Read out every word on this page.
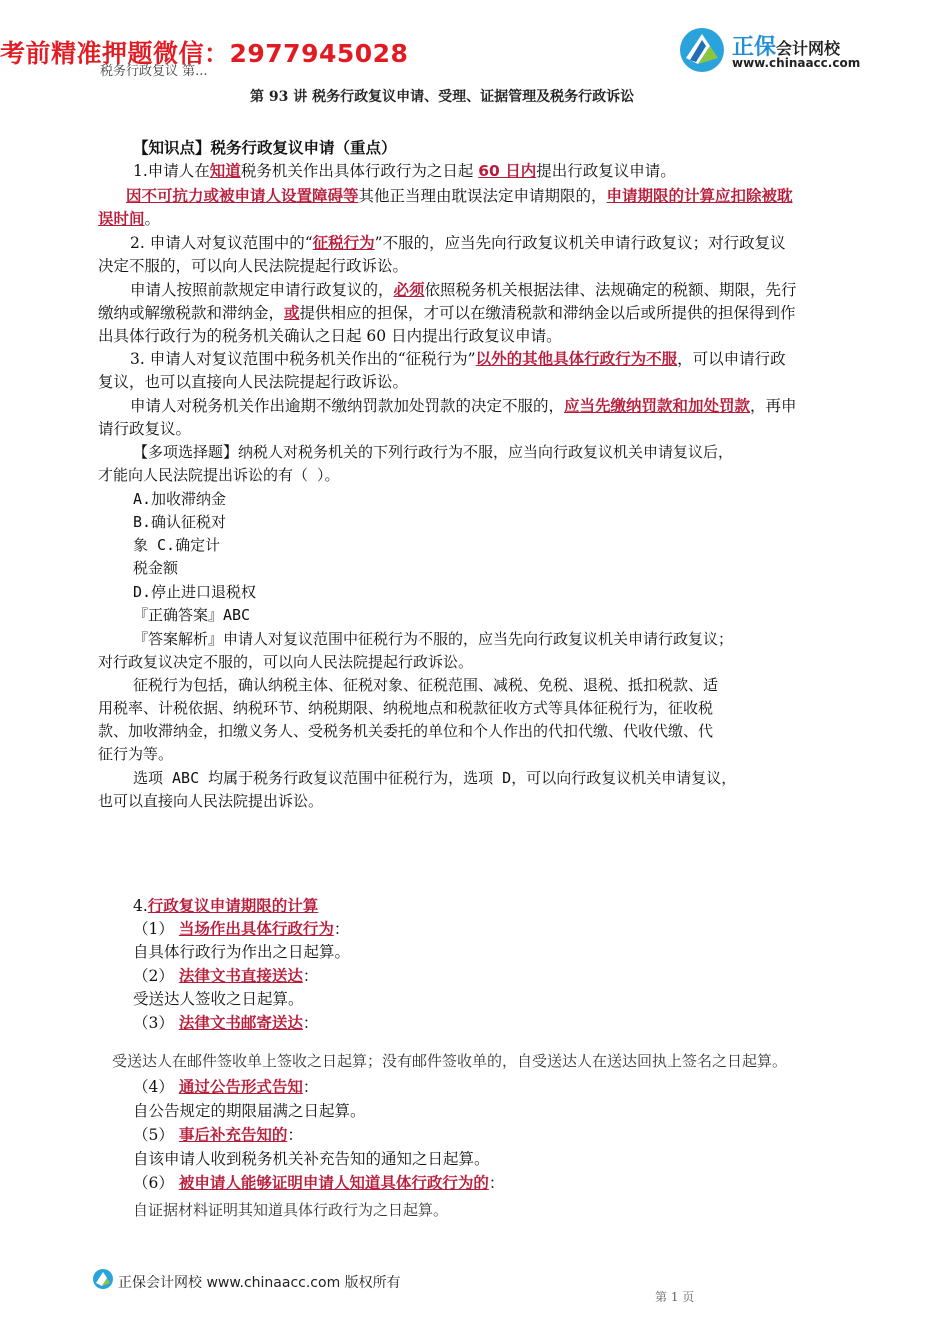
考前精准押题微信：2977945028	正保会计网校
www.chinaacc.com
税务行政复议 第...
第 93 讲 税务行政复议申请、受理、证据管理及税务行政诉讼
【知识点】税务行政复议申请（重点）
1.申请人在知道税务机关作出具体行政行为之日起 60 日内提出行政复议申请。
因不可抗力或被申请人设置障碍等其他正当理由耽误法定申请期限的，申请期限的计算应扣除被耽
误时间。
2. 申请人对复议范围中的“征税行为”不服的，应当先向行政复议机关申请行政复议；对行政复议
决定不服的，可以向人民法院提起行政诉讼。
申请人按照前款规定申请行政复议的，必须依照税务机关根据法律、法规确定的税额、期限，先行
缴纳或解缴税款和滞纳金，或提供相应的担保，才可以在缴清税款和滞纳金以后或所提供的担保得到作
出具体行政行为的税务机关确认之日起 60 日内提出行政复议申请。
3. 申请人对复议范围中税务机关作出的“征税行为”以外的其他具体行政行为不服，可以申请行政
复议，也可以直接向人民法院提起行政诉讼。
申请人对税务机关作出逾期不缴纳罚款加处罚款的决定不服的，应当先缴纳罚款和加处罚款，再申
请行政复议。
【多项选择题】纳税人对税务机关的下列行政行为不服，应当向行政复议机关申请复议后，
才能向人民法院提出诉讼的有（ ）。
A.加收滞纳金
B.确认征税对
象 C.确定计
税金额
D.停止进口退税权
『正确答案』ABC
『答案解析』申请人对复议范围中征税行为不服的，应当先向行政复议机关申请行政复议；
对行政复议决定不服的，可以向人民法院提起行政诉讼。
征税行为包括，确认纳税主体、征税对象、征税范围、减税、免税、退税、抵扣税款、适
用税率、计税依据、纳税环节、纳税期限、纳税地点和税款征收方式等具体征税行为，征收税
款、加收滞纳金，扣缴义务人、受税务机关委托的单位和个人作出的代扣代缴、代收代缴、代
征行为等。
选项 ABC 均属于税务行政复议范围中征税行为，选项 D，可以向行政复议机关申请复议，
也可以直接向人民法院提出诉讼。
4.行政复议申请期限的计算
（1） 当场作出具体行政行为：
自具体行政行为作出之日起算。
（2） 法律文书直接送达：
受送达人签收之日起算。
（3） 法律文书邮寄送达：
受送达人在邮件签收单上签收之日起算；没有邮件签收单的，自受送达人在送达回执上签名之日起算。
（4） 通过公告形式告知：
自公告规定的期限届满之日起算。
（5） 事后补充告知的：
自该申请人收到税务机关补充告知的通知之日起算。
（6） 被申请人能够证明申请人知道具体行政行为的：
自证据材料证明其知道具体行政行为之日起算。
正保会计网校 www.chinaacc.com 版权所有
第 1 页
